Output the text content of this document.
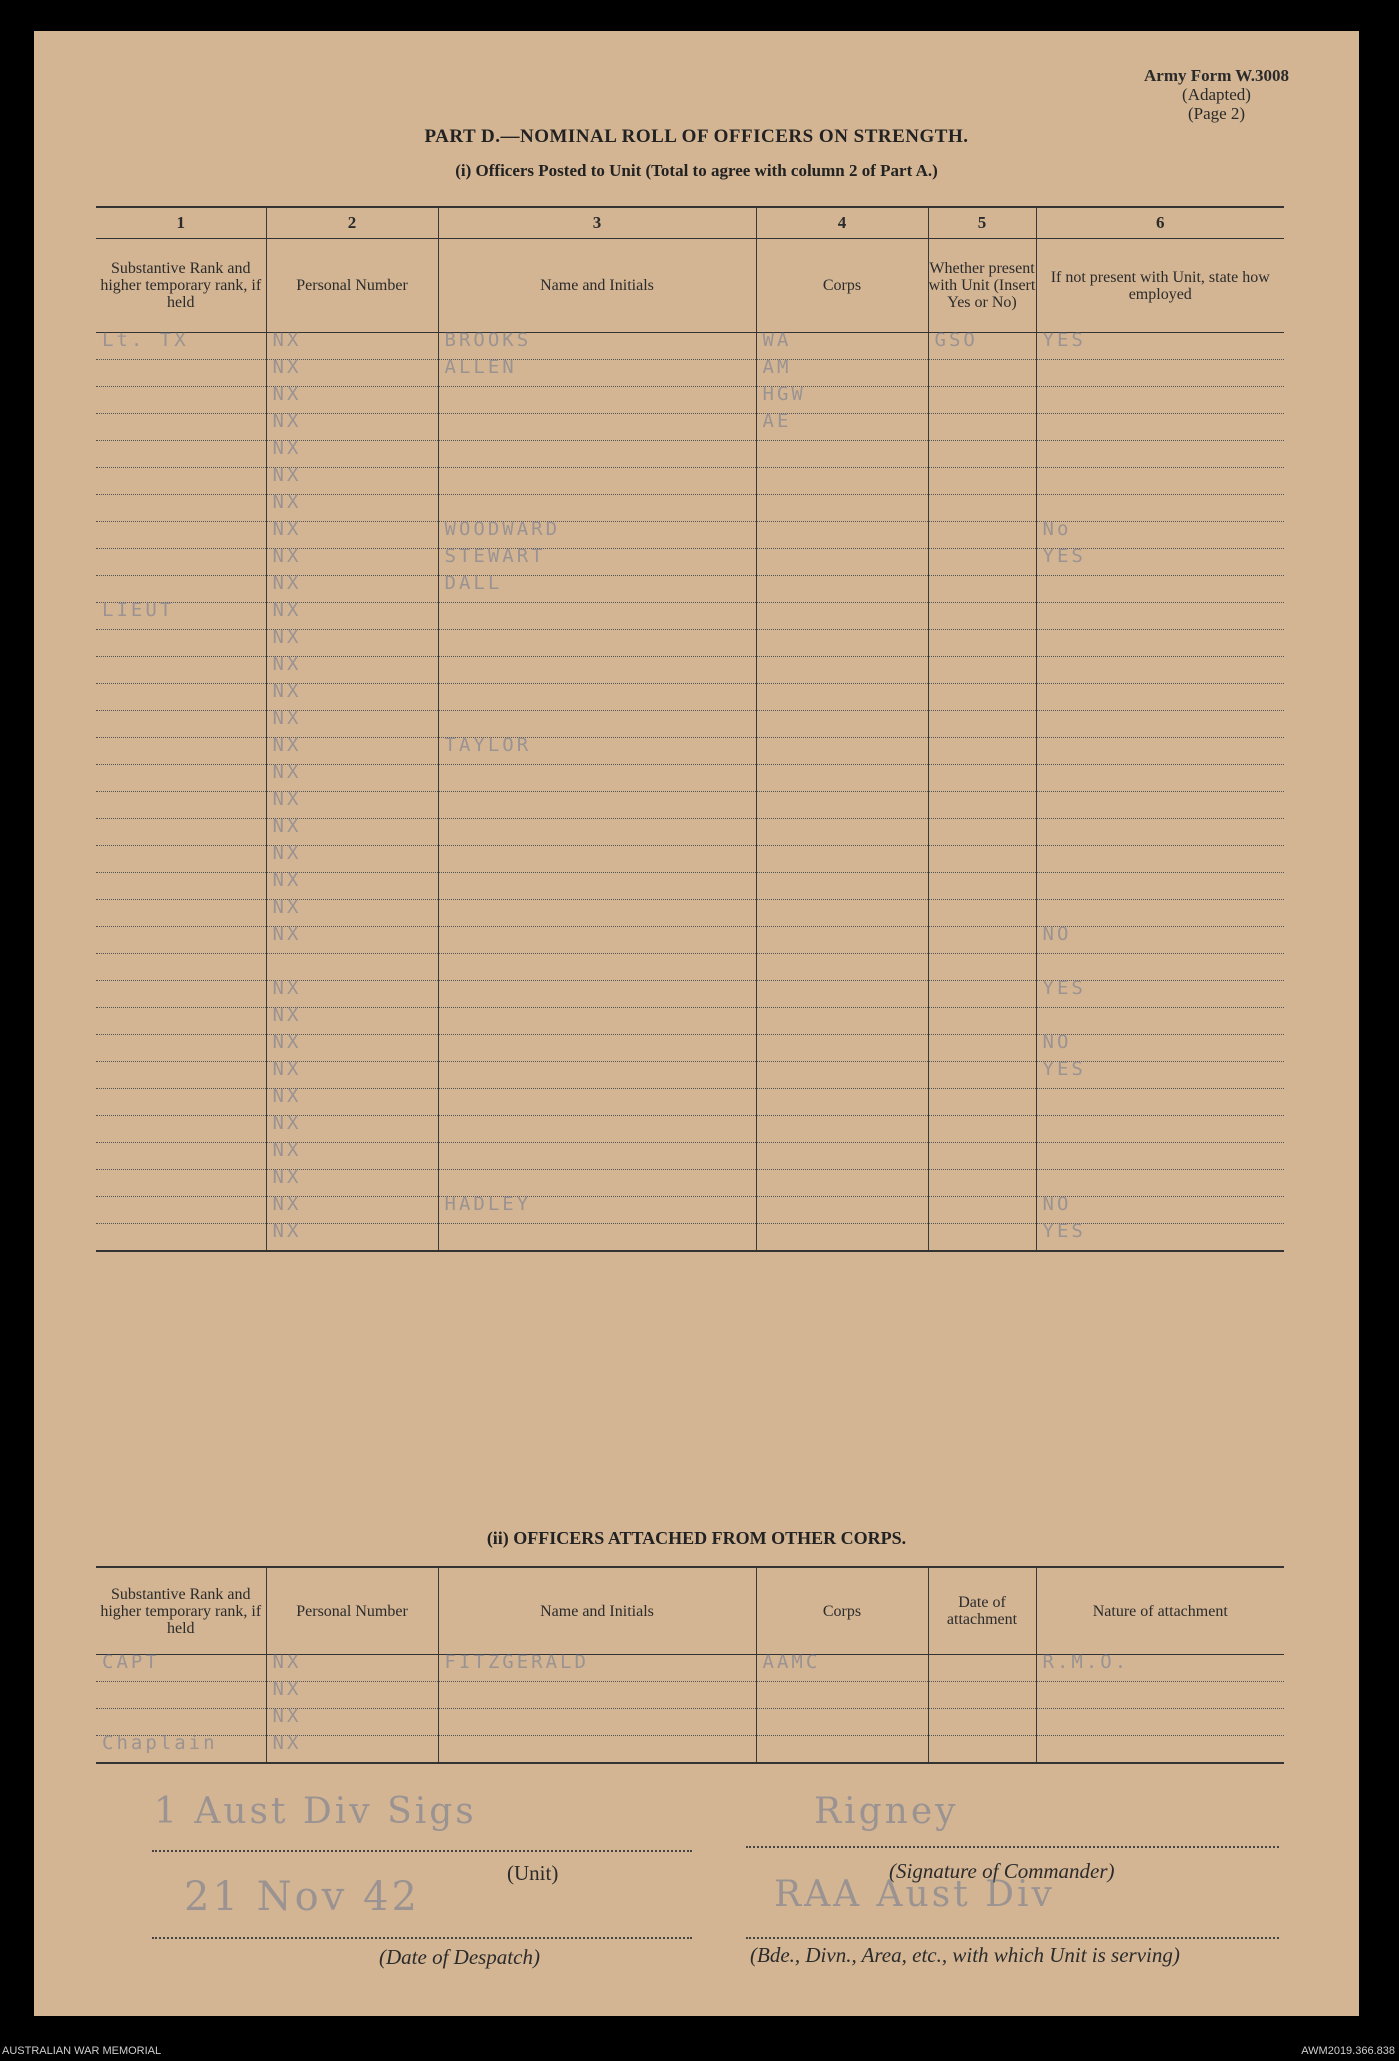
Army Form W.3008
(Adapted)
(Page 2)
PART D.—NOMINAL ROLL OF OFFICERS ON STRENGTH.
(i) Officers Posted to Unit (Total to agree with column 2 of Part A.)
1	2	3	4	5	6
Substantive Rank and higher temporary rank, if held	Personal Number	Name and Initials	Corps	Whether present with Unit (Insert Yes or No)	If not present with Unit, state how employed

Lt. TX	NX	BROOKS	WA	GSO	YES

	NX	ALLEN	AM		

	NX		HGW		

	NX		AE		

	NX				

	NX				

	NX				

	NX	WOODWARD			No

	NX	STEWART			YES

	NX	DALL			

LIEUT	NX				

	NX				

	NX				

	NX				

	NX				

	NX	TAYLOR			

	NX				

	NX				

	NX				

	NX				

	NX				

	NX				

	NX				NO

	NX				YES

	NX				

	NX				NO

	NX				YES

	NX				

	NX				

	NX				

	NX				

	NX	HADLEY			NO

	NX				YES
(ii) OFFICERS ATTACHED FROM OTHER CORPS.
Substantive Rank and higher temporary rank, if held	Personal Number	Name and Initials	Corps	Date of attachment	Nature of attachment

CAPT	NX	FITZGERALD	AAMC		R.M.O.

	NX				

	NX				

Chaplain	NX				

1 Aust Div Sigs
(Unit)
Rigney
(Signature of Commander)
21 Nov 42
(Date of Despatch)
RAA Aust Div
(Bde., Divn., Area, etc., with which Unit is serving)
AUSTRALIAN WAR MEMORIAL	AWM2019.366.838
